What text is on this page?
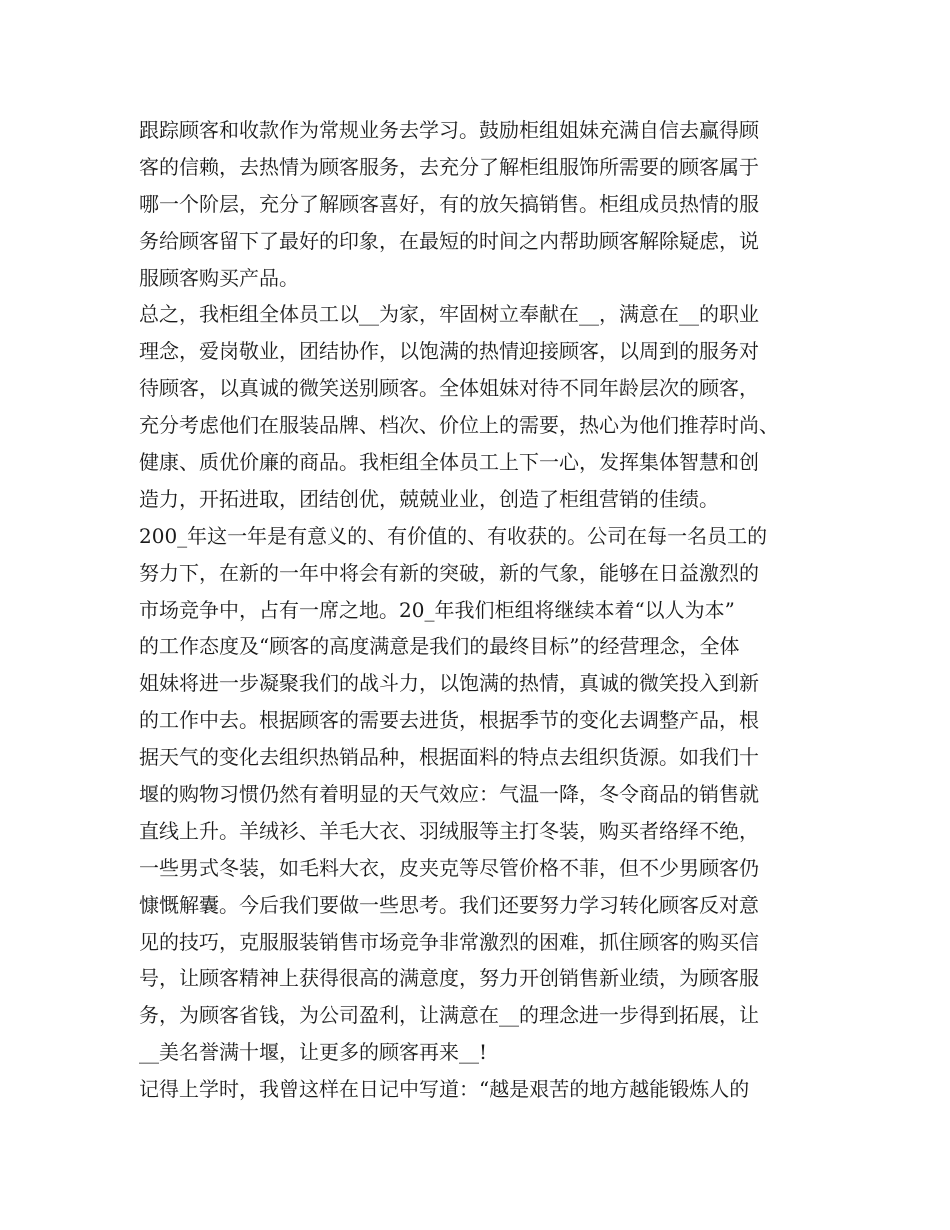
跟踪顾客和收款作为常规业务去学习。鼓励柜组姐妹充满自信去赢得顾
客的信赖，去热情为顾客服务，去充分了解柜组服饰所需要的顾客属于
哪一个阶层，充分了解顾客喜好，有的放矢搞销售。柜组成员热情的服
务给顾客留下了最好的印象，在最短的时间之内帮助顾客解除疑虑，说
服顾客购买产品。
总之，我柜组全体员工以__为家，牢固树立奉献在__，满意在__的职业
理念，爱岗敬业，团结协作，以饱满的热情迎接顾客，以周到的服务对
待顾客，以真诚的微笑送别顾客。全体姐妹对待不同年龄层次的顾客，
充分考虑他们在服装品牌、档次、价位上的需要，热心为他们推荐时尚、
健康、质优价廉的商品。我柜组全体员工上下一心，发挥集体智慧和创
造力，开拓进取，团结创优，兢兢业业，创造了柜组营销的佳绩。
200_年这一年是有意义的、有价值的、有收获的。公司在每一名员工的
努力下，在新的一年中将会有新的突破，新的气象，能够在日益激烈的
市场竞争中，占有一席之地。20_年我们柜组将继续本着“以人为本”
的工作态度及“顾客的高度满意是我们的最终目标”的经营理念，全体
姐妹将进一步凝聚我们的战斗力，以饱满的热情，真诚的微笑投入到新
的工作中去。根据顾客的需要去进货，根据季节的变化去调整产品，根
据天气的变化去组织热销品种，根据面料的特点去组织货源。如我们十
堰的购物习惯仍然有着明显的天气效应：气温一降，冬令商品的销售就
直线上升。羊绒衫、羊毛大衣、羽绒服等主打冬装，购买者络绎不绝，
一些男式冬装，如毛料大衣，皮夹克等尽管价格不菲，但不少男顾客仍
慷慨解囊。今后我们要做一些思考。我们还要努力学习转化顾客反对意
见的技巧，克服服装销售市场竞争非常激烈的困难，抓住顾客的购买信
号，让顾客精神上获得很高的满意度，努力开创销售新业绩，为顾客服
务，为顾客省钱，为公司盈利，让满意在__的理念进一步得到拓展，让
__美名誉满十堰，让更多的顾客再来__!
记得上学时，我曾这样在日记中写道：“越是艰苦的地方越能锻炼人的
